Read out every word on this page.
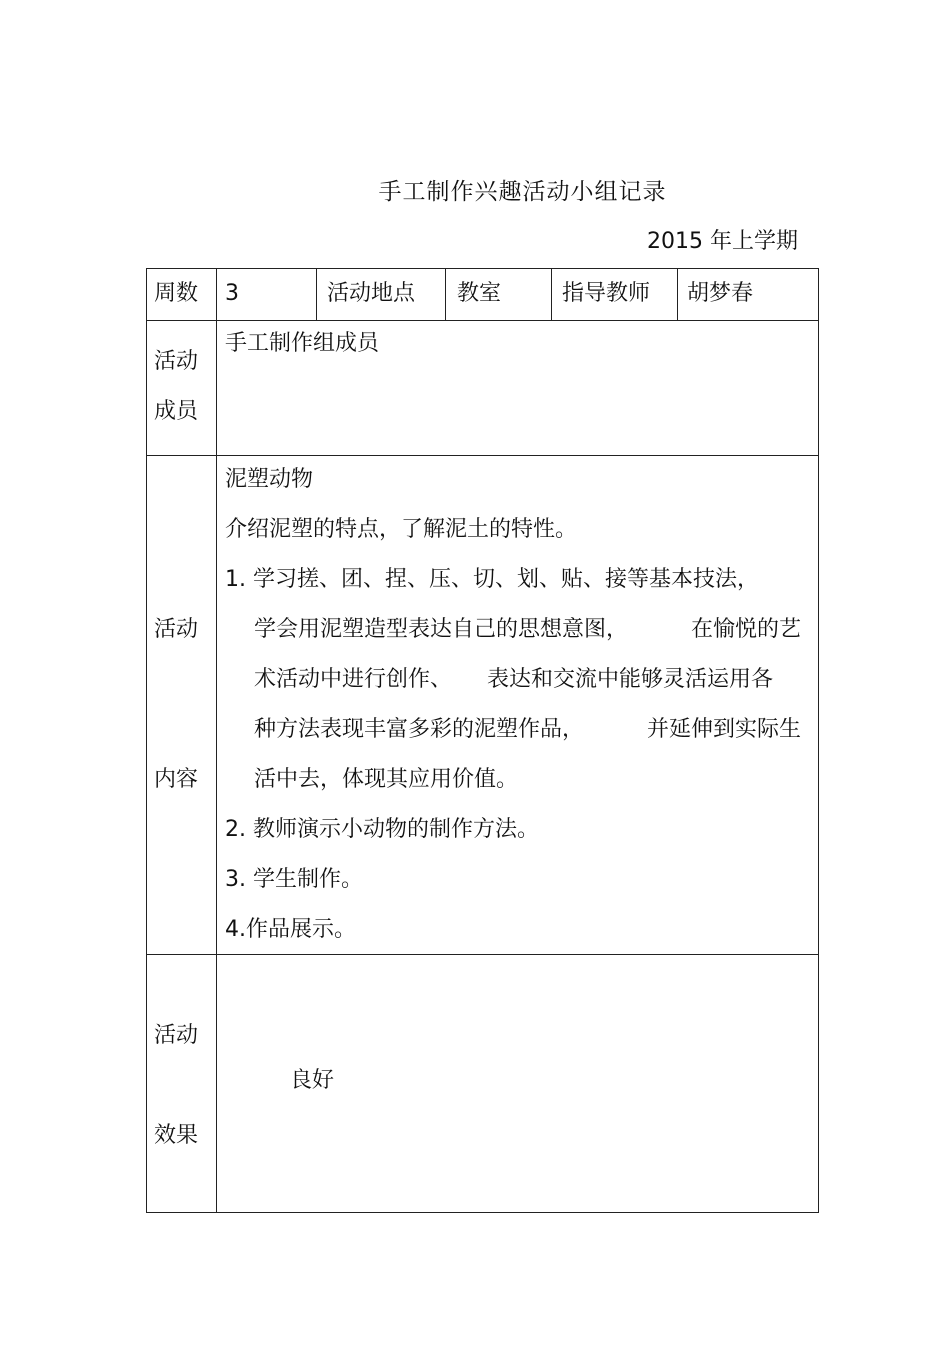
手工制作兴趣活动小组记录
2015 年上学期
周数 3	活动地点 教室	指导教师 胡梦春
活动
成员
手工制作组成员
活动
内容
泥塑动物
介绍泥塑的特点，了解泥土的特性。
1. 学习搓、团、捏、压、切、划、贴、接等基本技法，
学会用泥塑造型表达自己的思想意图，         在愉悦的艺
术活动中进行创作、     表达和交流中能够灵活运用各
种方法表现丰富多彩的泥塑作品，         并延伸到实际生
活中去，体现其应用价值。
2. 教师演示小动物的制作方法。
3. 学生制作。
4.作品展示。
活动
效果
良好
